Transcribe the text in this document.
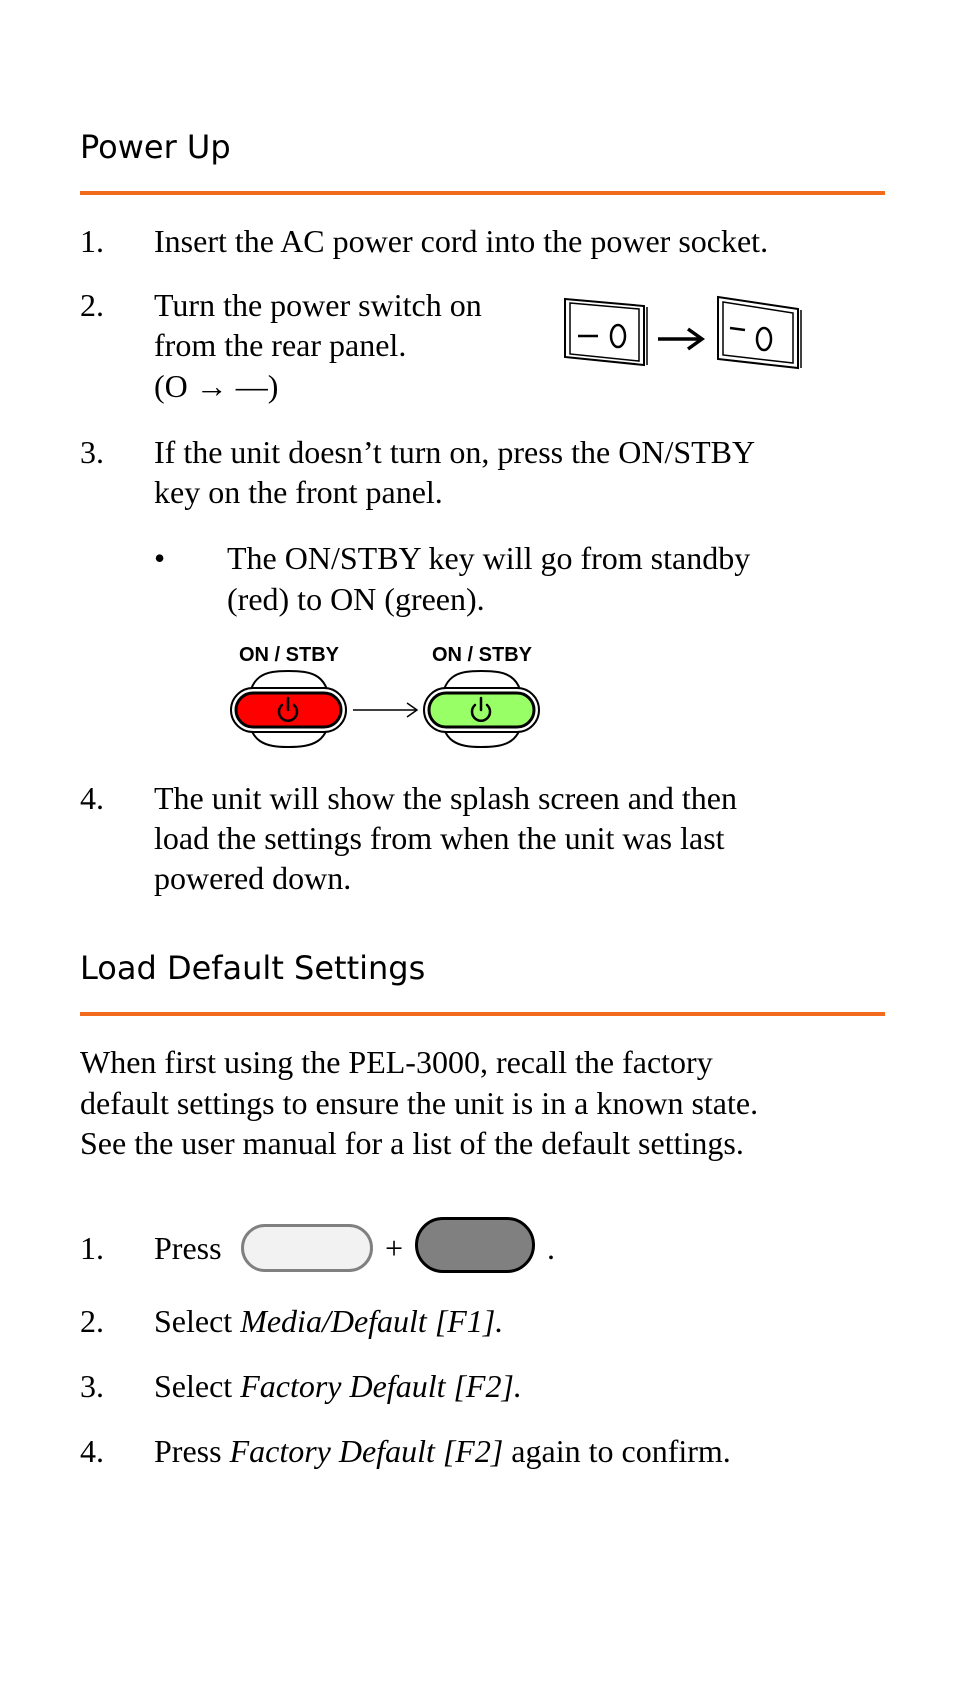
Power Up
1. Insert the AC power cord into the power socket.
2. Turn the power switch on
from the rear panel.
(O → —)
3. If the unit doesn’t turn on, press the ON/STBY
key on the front panel.
• The ON/STBY key will go from standby
(red) to ON (green).
ON / STBY	ON / STBY
4. The unit will show the splash screen and then
load the settings from when the unit was last
powered down.
Load Default Settings
When first using the PEL-3000, recall the factory
default settings to ensure the unit is in a known state.
See the user manual for a list of the default settings.
1. Press	+	.
2. Select Media/Default [F1].
3. Select Factory Default [F2].
4. Press Factory Default [F2] again to confirm.
